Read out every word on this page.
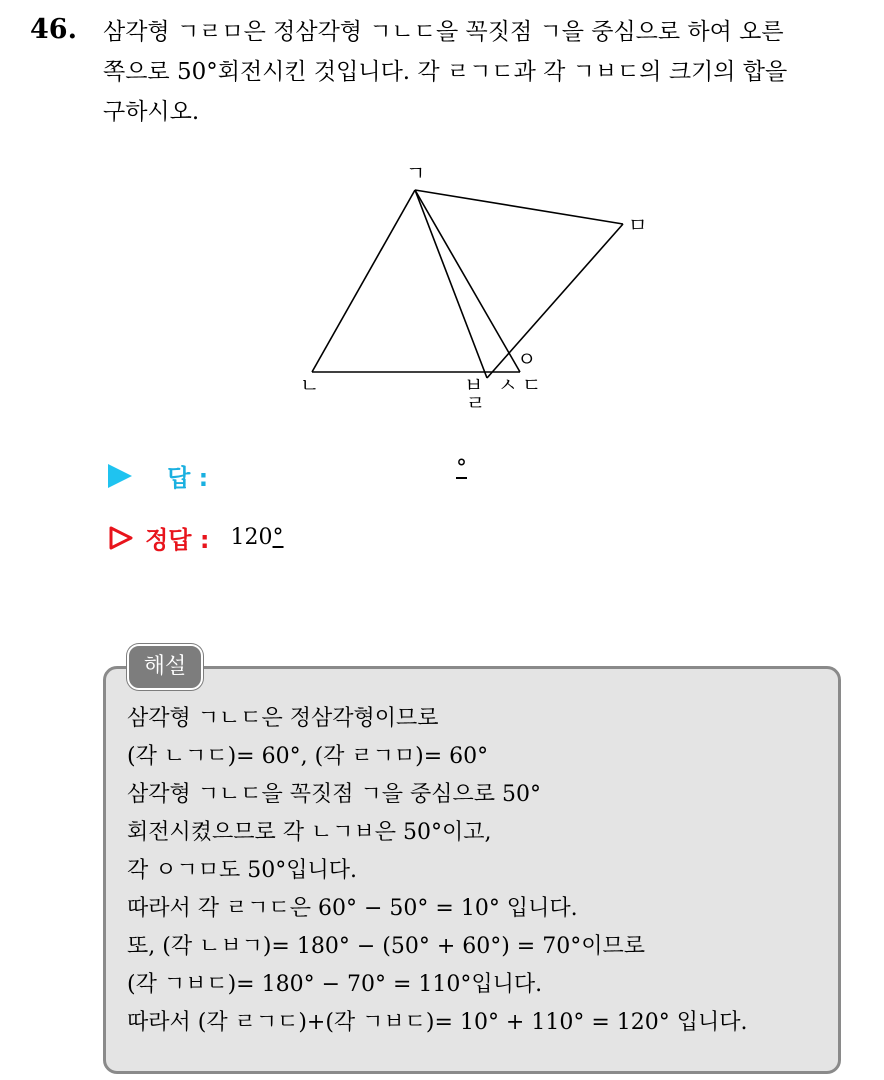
46. 삼각형 ㄱㄹㅁ은 정삼각형 ㄱㄴㄷ을 꼭짓점 ㄱ을 중심으로 하여 오른
쪽으로 50°회전시킨 것입니다. 각 ㄹㄱㄷ과 각 ㄱㅂㄷ의 크기의 합을
구하시오.
ㄱ
ㅁ
ㄴ	ㅂ
ㄹ
ㅅ ㄷ
ㅇ
답 :	°
정답 : 120°
해설
삼각형 ㄱㄴㄷ은 정삼각형이므로
(각 ㄴㄱㄷ)= 60°, (각 ㄹㄱㅁ)= 60°
삼각형 ㄱㄴㄷ을 꼭짓점 ㄱ을 중심으로 50°
회전시켰으므로 각 ㄴㄱㅂ은 50°이고,
각 ㅇㄱㅁ도 50°입니다.
따라서 각 ㄹㄱㄷ은 60° − 50° = 10° 입니다.
또, (각 ㄴㅂㄱ)= 180° − (50° + 60°) = 70°이므로
(각 ㄱㅂㄷ)= 180° − 70° = 110°입니다.
따라서 (각 ㄹㄱㄷ)+(각 ㄱㅂㄷ)= 10° + 110° = 120° 입니다.
